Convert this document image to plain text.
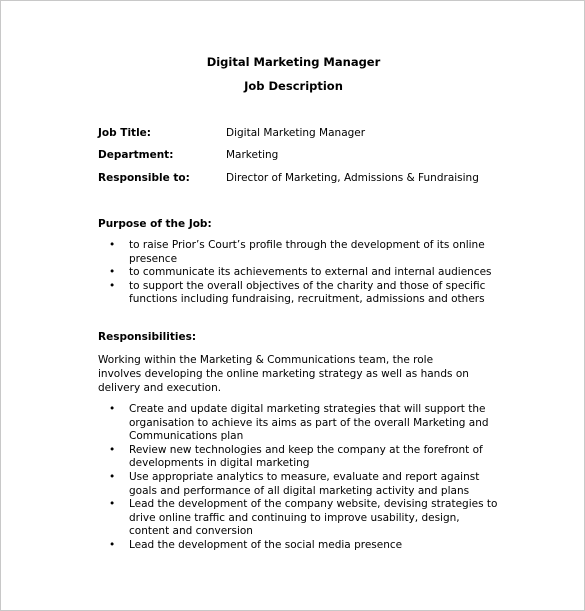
Digital Marketing Manager
Job Description
Job Title:	Digital Marketing Manager
Department:	Marketing
Responsible to:	Director of Marketing, Admissions & Fundraising
Purpose of the Job:
• to raise Prior’s Court’s profile through the development of its online presence
• to communicate its achievements to external and internal audiences
• to support the overall objectives of the charity and those of specific functions including fundraising, recruitment, admissions and others
Responsibilities:

Working within the Marketing & Communications team, the role involves developing the online marketing strategy as well as hands on delivery and execution.

• Create and update digital marketing strategies that will support the organisation to achieve its aims as part of the overall Marketing and Communications plan
• Review new technologies and keep the company at the forefront of developments in digital marketing
• Use appropriate analytics to measure, evaluate and report against goals and performance of all digital marketing activity and plans
• Lead the development of the company website, devising strategies to drive online traffic and continuing to improve usability, design, content and conversion
• Lead the development of the social media presence
